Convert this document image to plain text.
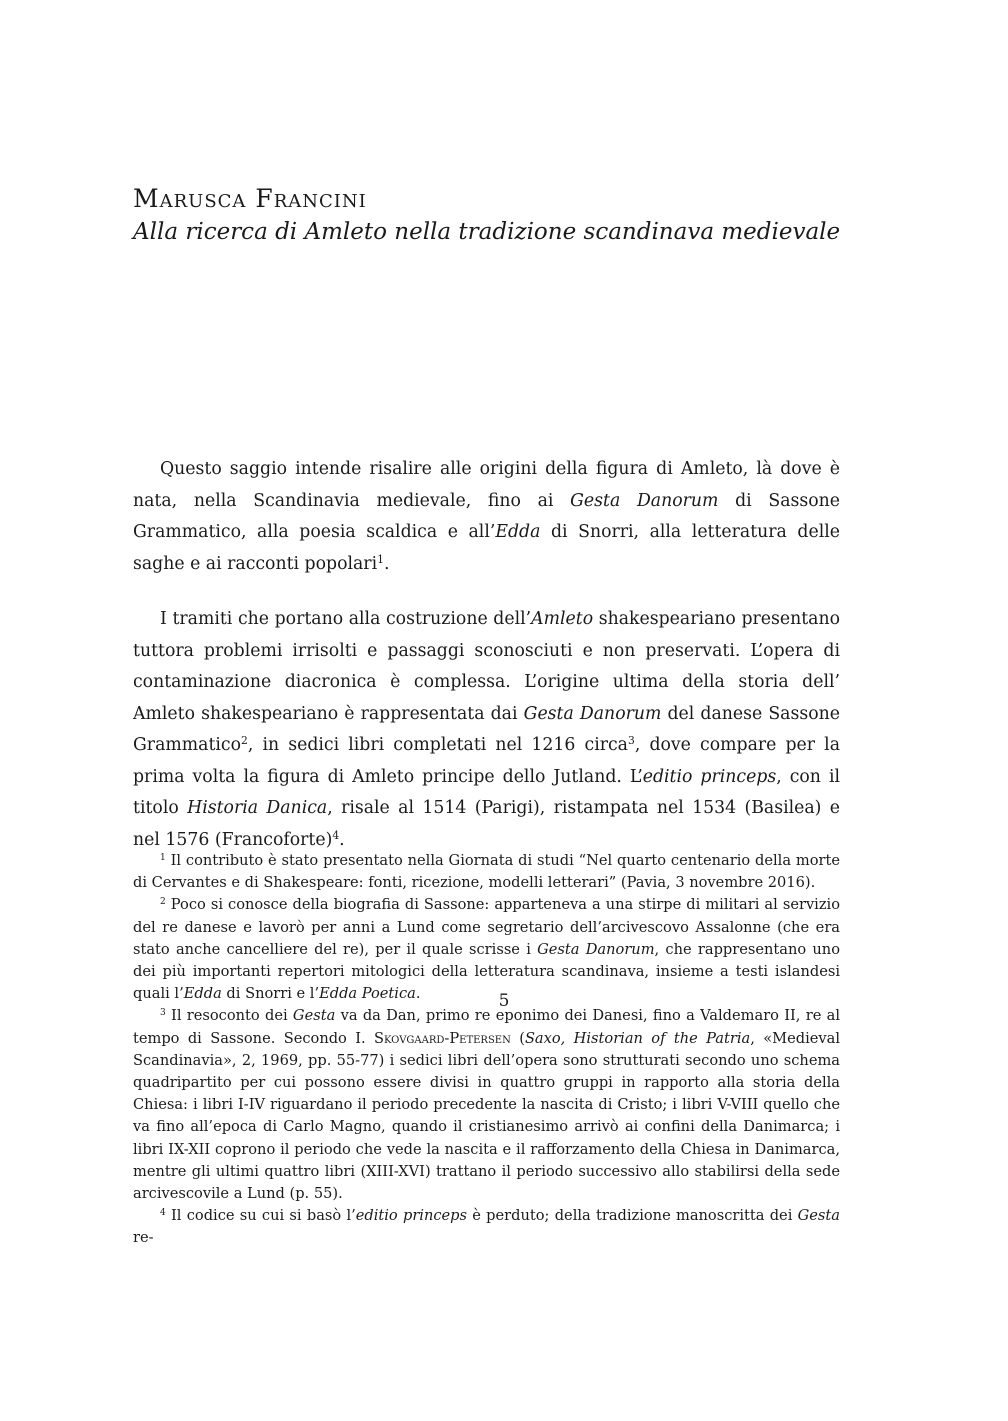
Marusca Francini
Alla ricerca di Amleto nella tradizione scandinava medievale

Questo saggio intende risalire alle origini della figura di Amleto, là dove è nata, nella Scandinavia medievale, fino ai Gesta Danorum di Sassone Grammatico, alla poesia scaldica e all’Edda di Snorri, alla letteratura delle saghe e ai racconti popolari$^1$.

I tramiti che portano alla costruzione dell’Amleto shakespeariano presentano tuttora problemi irrisolti e passaggi sconosciuti e non preservati. L’opera di contaminazione diacronica è complessa. L’origine ultima della storia dell’ Amleto shakespeariano è rappresentata dai Gesta Danorum del danese Sassone Grammatico$^2$, in sedici libri completati nel 1216 circa$^3$, dove compare per la prima volta la figura di Amleto principe dello Jutland. L’editio princeps, con il titolo Historia Danica, risale al 1514 (Parigi), ristampata nel 1534 (Basilea) e nel 1576 (Francoforte)$^4$.

$^1$ Il contributo è stato presentato nella Giornata di studi “Nel quarto centenario della morte di Cervantes e di Shakespeare: fonti, ricezione, modelli letterari” (Pavia, 3 novembre 2016).

$^2$ Poco si conosce della biografia di Sassone: apparteneva a una stirpe di militari al servizio del re danese e lavorò per anni a Lund come segretario dell’arcivescovo Assalonne (che era stato anche cancelliere del re), per il quale scrisse i Gesta Danorum, che rappresentano uno dei più importanti repertori mitologici della letteratura scandinava, insieme a testi islandesi quali l’Edda di Snorri e l’Edda Poetica.

$^3$ Il resoconto dei Gesta va da Dan, primo re eponimo dei Danesi, fino a Valdemaro II, re al tempo di Sassone. Secondo I. Skovgaard-Petersen (Saxo, Historian of the Patria, «Medieval Scandinavia», 2, 1969, pp. 55-77) i sedici libri dell’opera sono strutturati secondo uno schema quadripartito per cui possono essere divisi in quattro gruppi in rapporto alla storia della Chiesa: i libri I-IV riguardano il periodo precedente la nascita di Cristo; i libri V-VIII quello che va fino all’epoca di Carlo Magno, quando il cristianesimo arrivò ai confini della Danimarca; i libri IX-XII coprono il periodo che vede la nascita e il rafforzamento della Chiesa in Danimarca, mentre gli ultimi quattro libri (XIII-XVI) trattano il periodo successivo allo stabilirsi della sede arcivescovile a Lund (p. 55).

$^4$ Il codice su cui si basò l’editio princeps è perduto; della tradizione manoscritta dei Gesta re-

5
